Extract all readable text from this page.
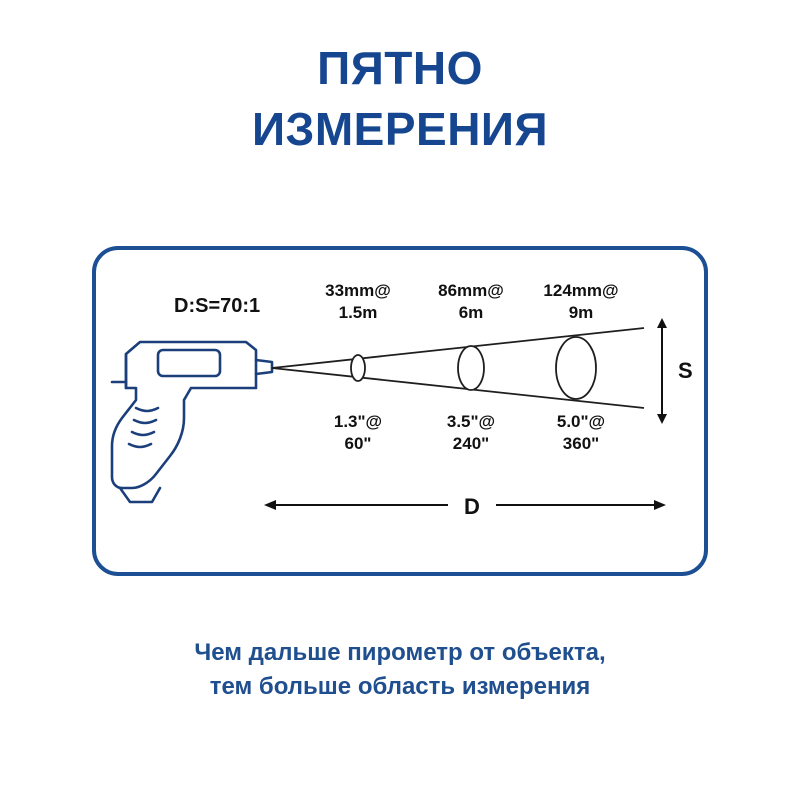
ПЯТНО
ИЗМЕРЕНИЯ
D:S=70:1
33mm@
1.5m
86mm@
6m
124mm@
9m
1.3"@
60"
3.5"@
240"
5.0"@
360"
S
D
Чем дальше пирометр от объекта,
тем больше область измерения
